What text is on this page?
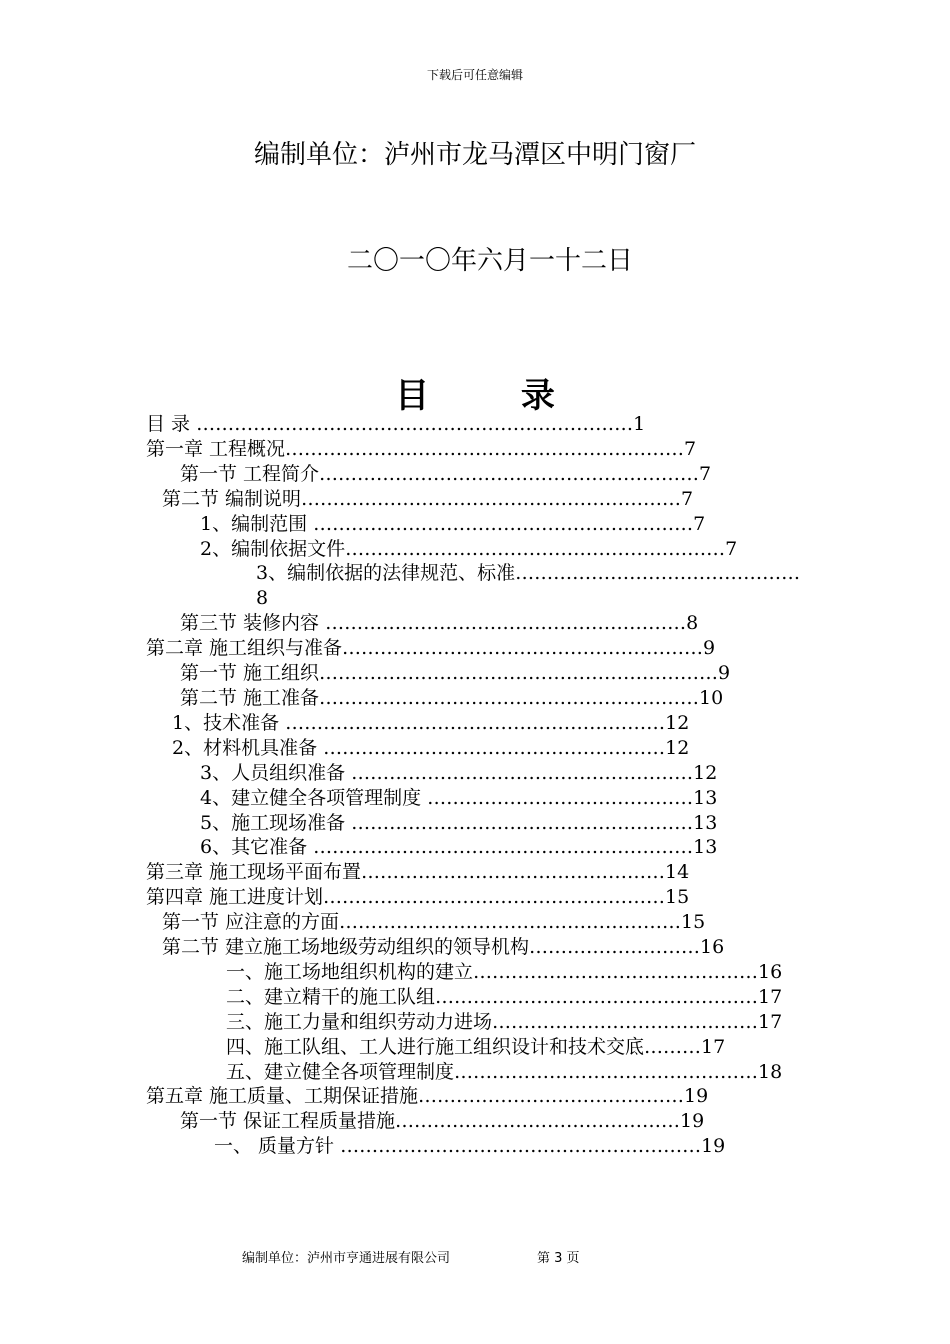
下载后可任意编辑
编制单位：泸州市龙马潭区中明门窗厂
二〇一〇年六月一十二日
目 录
目 录 ……………………………………………………………1
第一章 工程概况………………………………………………………7
第一节 工程简介……………………………………………………7
第二节 编制说明……………………………………………………7
1、编制范围 ……………………………………………………7
2、编制依据文件……………………………………………………7
3、编制依据的法律规范、标准………………………………………8
第三节 装修内容 …………………………………………………8
第二章 施工组织与准备…………………………………………………9
第一节 施工组织………………………………………………………9
第二节 施工准备……………………………………………………10
1、技术准备 ……………………………………………………12
2、材料机具准备 ………………………………………………12
3、人员组织准备 ………………………………………………12
4、建立健全各项管理制度 ……………………………………13
5、施工现场准备 ………………………………………………13
6、其它准备 ……………………………………………………13
第三章 施工现场平面布置…………………………………………14
第四章 施工进度计划………………………………………………15
第一节 应注意的方面………………………………………………15
第二节 建立施工场地级劳动组织的领导机构………………………16
一、施工场地组织机构的建立………………………………………16
二、建立精干的施工队组……………………………………………17
三、施工力量和组织劳动力进场……………………………………17
四、施工队组、工人进行施工组织设计和技术交底………17
五、建立健全各项管理制度…………………………………………18
第五章 施工质量、工期保证措施……………………………………19
第一节 保证工程质量措施………………………………………19
一、 质量方针 …………………………………………………19
编制单位：泸州市亨通进展有限公司	第 3 页
